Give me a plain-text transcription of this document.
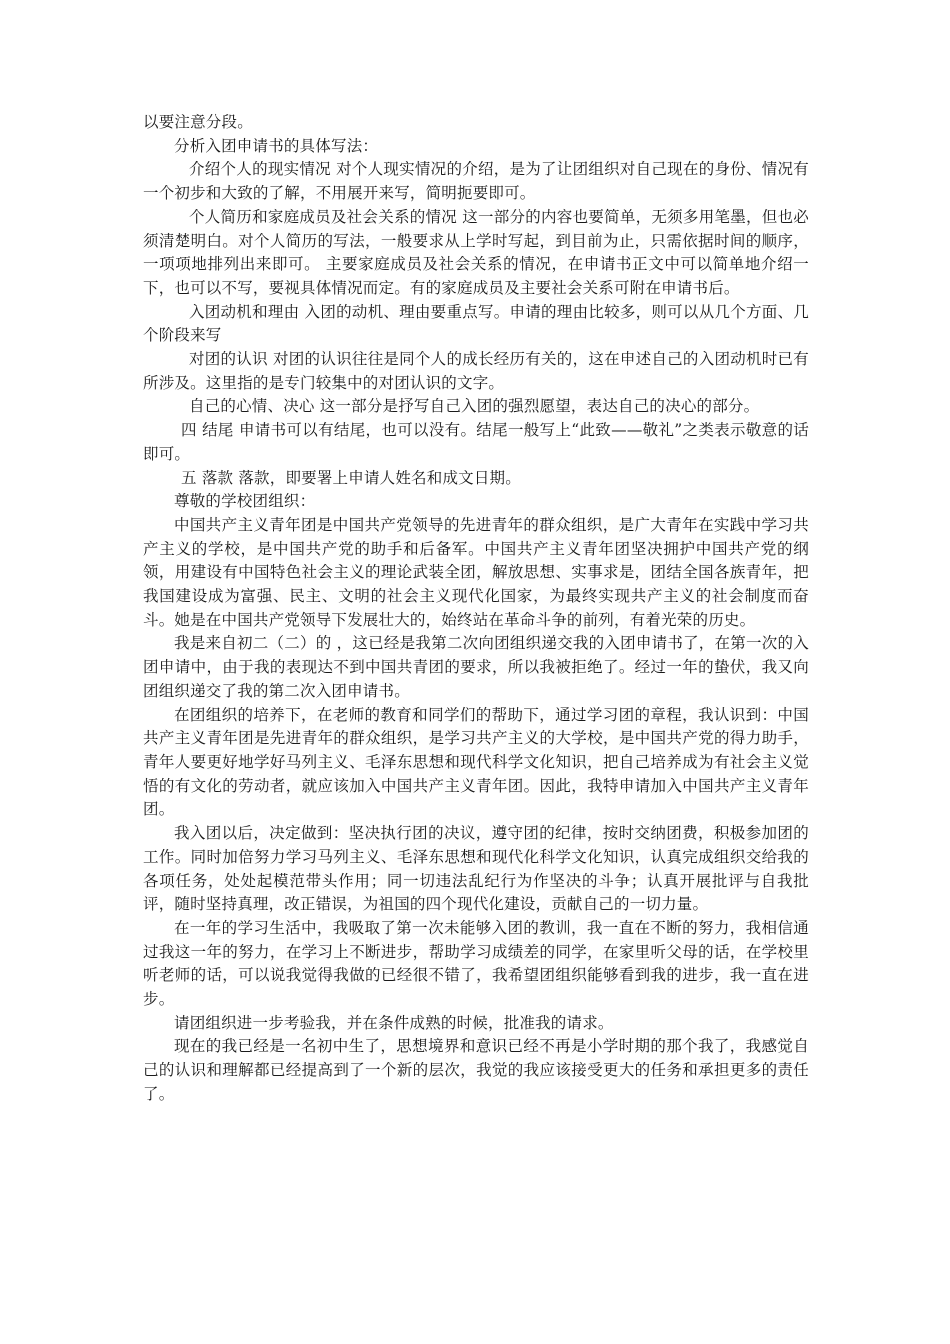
以要注意分段。

分析入团申请书的具体写法：

介绍个人的现实情况 对个人现实情况的介绍，是为了让团组织对自己现在的身份、情况有一个初步和大致的了解，不用展开来写，简明扼要即可。

个人简历和家庭成员及社会关系的情况 这一部分的内容也要简单，无须多用笔墨，但也必须清楚明白。对个人简历的写法，一般要求从上学时写起，到目前为止，只需依据时间的顺序，一项项地排列出来即可。 主要家庭成员及社会关系的情况，在申请书正文中可以简单地介绍一下，也可以不写，要视具体情况而定。有的家庭成员及主要社会关系可附在申请书后。

入团动机和理由 入团的动机、理由要重点写。申请的理由比较多，则可以从几个方面、几个阶段来写

对团的认识 对团的认识往往是同个人的成长经历有关的，这在申述自己的入团动机时已有所涉及。这里指的是专门较集中的对团认识的文字。

自己的心情、决心 这一部分是抒写自己入团的强烈愿望，表达自己的决心的部分。

四 结尾 申请书可以有结尾，也可以没有。结尾一般写上“此致——敬礼”之类表示敬意的话即可。

五 落款 落款，即要署上申请人姓名和成文日期。

尊敬的学校团组织：

中国共产主义青年团是中国共产党领导的先进青年的群众组织，是广大青年在实践中学习共产主义的学校，是中国共产党的助手和后备军。中国共产主义青年团坚决拥护中国共产党的纲领，用建设有中国特色社会主义的理论武装全团，解放思想、实事求是，团结全国各族青年，把我国建设成为富强、民主、文明的社会主义现代化国家，为最终实现共产主义的社会制度而奋斗。她是在中国共产党领导下发展壮大的，始终站在革命斗争的前列，有着光荣的历史。

我是来自初二（二）的 ，这已经是我第二次向团组织递交我的入团申请书了，在第一次的入团申请中，由于我的表现达不到中国共青团的要求，所以我被拒绝了。经过一年的蛰伏，我又向团组织递交了我的第二次入团申请书。

在团组织的培养下，在老师的教育和同学们的帮助下，通过学习团的章程，我认识到：中国共产主义青年团是先进青年的群众组织，是学习共产主义的大学校，是中国共产党的得力助手，青年人要更好地学好马列主义、毛泽东思想和现代科学文化知识，把自己培养成为有社会主义觉悟的有文化的劳动者，就应该加入中国共产主义青年团。因此，我特申请加入中国共产主义青年团。

我入团以后，决定做到：坚决执行团的决议，遵守团的纪律，按时交纳团费，积极参加团的工作。同时加倍努力学习马列主义、毛泽东思想和现代化科学文化知识，认真完成组织交给我的各项任务，处处起模范带头作用；同一切违法乱纪行为作坚决的斗争；认真开展批评与自我批评，随时坚持真理，改正错误，为祖国的四个现代化建设，贡献自己的一切力量。

在一年的学习生活中，我吸取了第一次未能够入团的教训，我一直在不断的努力，我相信通过我这一年的努力，在学习上不断进步，帮助学习成绩差的同学，在家里听父母的话，在学校里听老师的话，可以说我觉得我做的已经很不错了，我希望团组织能够看到我的进步，我一直在进步。

请团组织进一步考验我，并在条件成熟的时候，批准我的请求。

现在的我已经是一名初中生了，思想境界和意识已经不再是小学时期的那个我了，我感觉自己的认识和理解都已经提高到了一个新的层次，我觉的我应该接受更大的任务和承担更多的责任了。
